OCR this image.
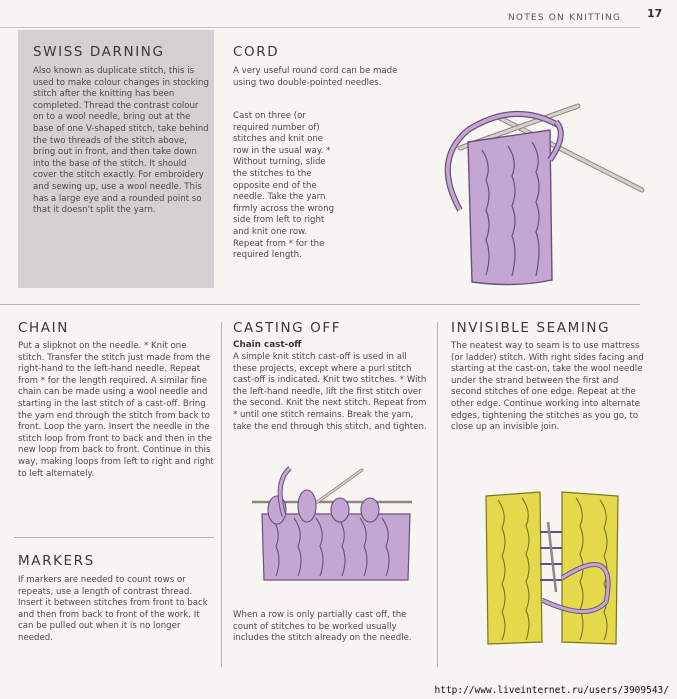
NOTES ON KNITTING 17
SWISS DARNING

Also known as duplicate stitch, this is used to make colour changes in stocking stitch after the knitting has been completed. Thread the contrast colour on to a wool needle, bring out at the base of one V-shaped stitch, take behind the two threads of the stitch above, bring out in front, and then take down into the base of the stitch. It should cover the stitch exactly. For embroidery and sewing up, use a wool needle. This has a large eye and a rounded point so that it doesn't split the yarn.

CORD

A very useful round cord can be made using two double-pointed needles.

Cast on three (or required number of) stitches and knit one row in the usual way. * Without turning, slide the stitches to the opposite end of the needle. Take the yarn firmly across the wrong side from left to right and knit one row. Repeat from * for the required length.

CHAIN

Put a slipknot on the needle. * Knit one stitch. Transfer the stitch just made from the right-hand to the left-hand needle. Repeat from * for the length required. A similar fine chain can be made using a wool needle and starting in the last stitch of a cast-off. Bring the yarn end through the stitch from back to front. Loop the yarn. Insert the needle in the stitch loop from front to back and then in the new loop from back to front. Continue in this way, making loops from left to right and right to left alternately.

MARKERS

If markers are needed to count rows or repeats, use a length of contrast thread. Insert it between stitches from front to back and then from back to front of the work. It can be pulled out when it is no longer needed.

CASTING OFF

Chain cast-off

A simple knit stitch cast-off is used in all these projects, except where a purl stitch cast-off is indicated. Knit two stitches. * With the left-hand needle, lift the first stitch over the second. Knit the next stitch. Repeat from * until one stitch remains. Break the yarn, take the end through this stitch, and tighten.

When a row is only partially cast off, the count of stitches to be worked usually includes the stitch already on the needle.

INVISIBLE SEAMING

The neatest way to seam is to use mattress (or ladder) stitch. With right sides facing and starting at the cast-on, take the wool needle under the strand between the first and second stitches of one edge. Repeat at the other edge. Continue working into alternate edges, tightening the stitches as you go, to close up an invisible join.

http://www.liveinternet.ru/users/3909543/
